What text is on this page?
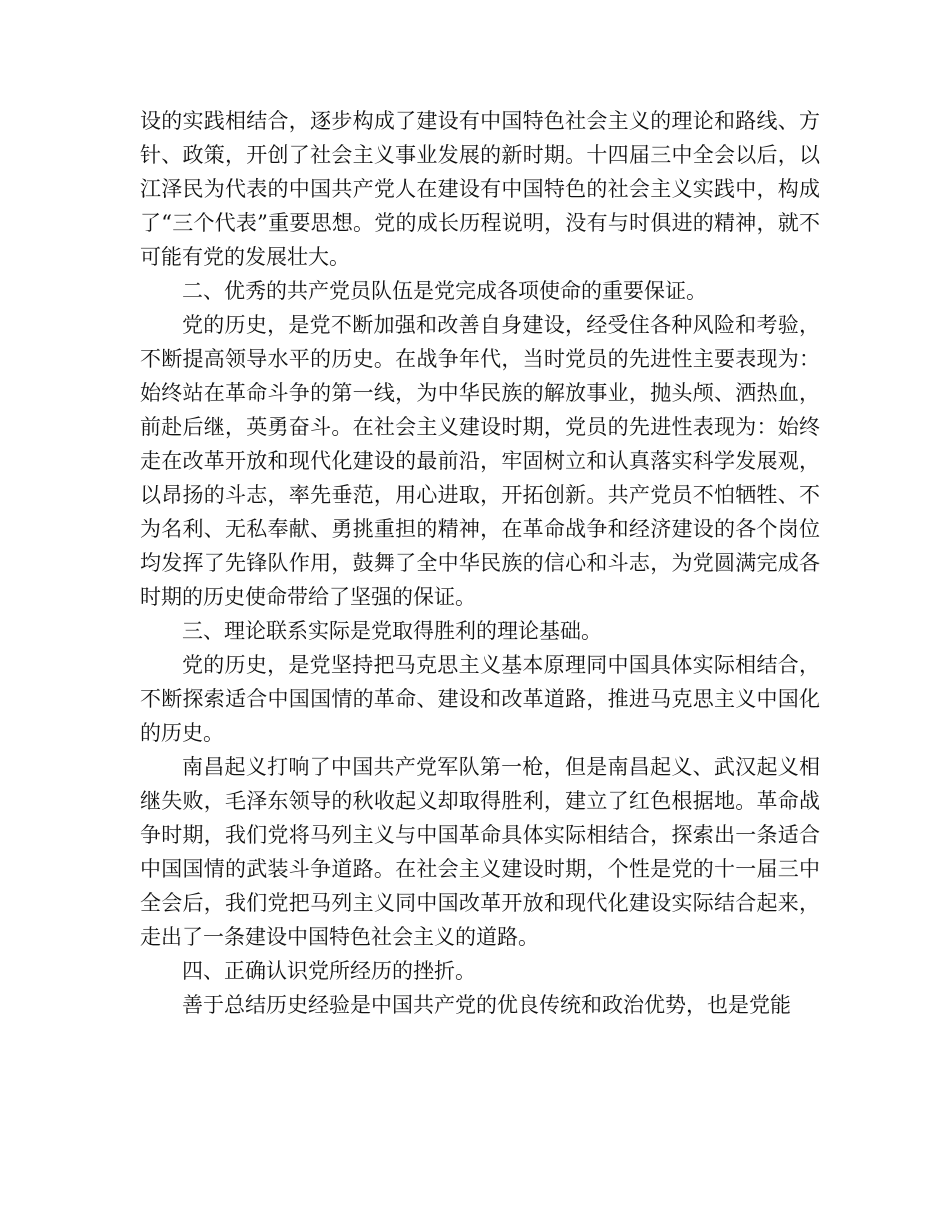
设的实践相结合，逐步构成了建设有中国特色社会主义的理论和路线、方针、政策，开创了社会主义事业发展的新时期。十四届三中全会以后，以江泽民为代表的中国共产党人在建设有中国特色的社会主义实践中，构成了“三个代表”重要思想。党的成长历程说明，没有与时俱进的精神，就不可能有党的发展壮大。

二、优秀的共产党员队伍是党完成各项使命的重要保证。

党的历史，是党不断加强和改善自身建设，经受住各种风险和考验，不断提高领导水平的历史。在战争年代，当时党员的先进性主要表现为：始终站在革命斗争的第一线，为中华民族的解放事业，抛头颅、洒热血，前赴后继，英勇奋斗。在社会主义建设时期，党员的先进性表现为：始终走在改革开放和现代化建设的最前沿，牢固树立和认真落实科学发展观，以昂扬的斗志，率先垂范，用心进取，开拓创新。共产党员不怕牺牲、不为名利、无私奉献、勇挑重担的精神，在革命战争和经济建设的各个岗位均发挥了先锋队作用，鼓舞了全中华民族的信心和斗志，为党圆满完成各时期的历史使命带给了坚强的保证。

三、理论联系实际是党取得胜利的理论基础。

党的历史，是党坚持把马克思主义基本原理同中国具体实际相结合，不断探索适合中国国情的革命、建设和改革道路，推进马克思主义中国化的历史。

南昌起义打响了中国共产党军队第一枪，但是南昌起义、武汉起义相继失败，毛泽东领导的秋收起义却取得胜利，建立了红色根据地。革命战争时期，我们党将马列主义与中国革命具体实际相结合，探索出一条适合中国国情的武装斗争道路。在社会主义建设时期，个性是党的十一届三中全会后，我们党把马列主义同中国改革开放和现代化建设实际结合起来，走出了一条建设中国特色社会主义的道路。

四、正确认识党所经历的挫折。

善于总结历史经验是中国共产党的优良传统和政治优势，也是党能
